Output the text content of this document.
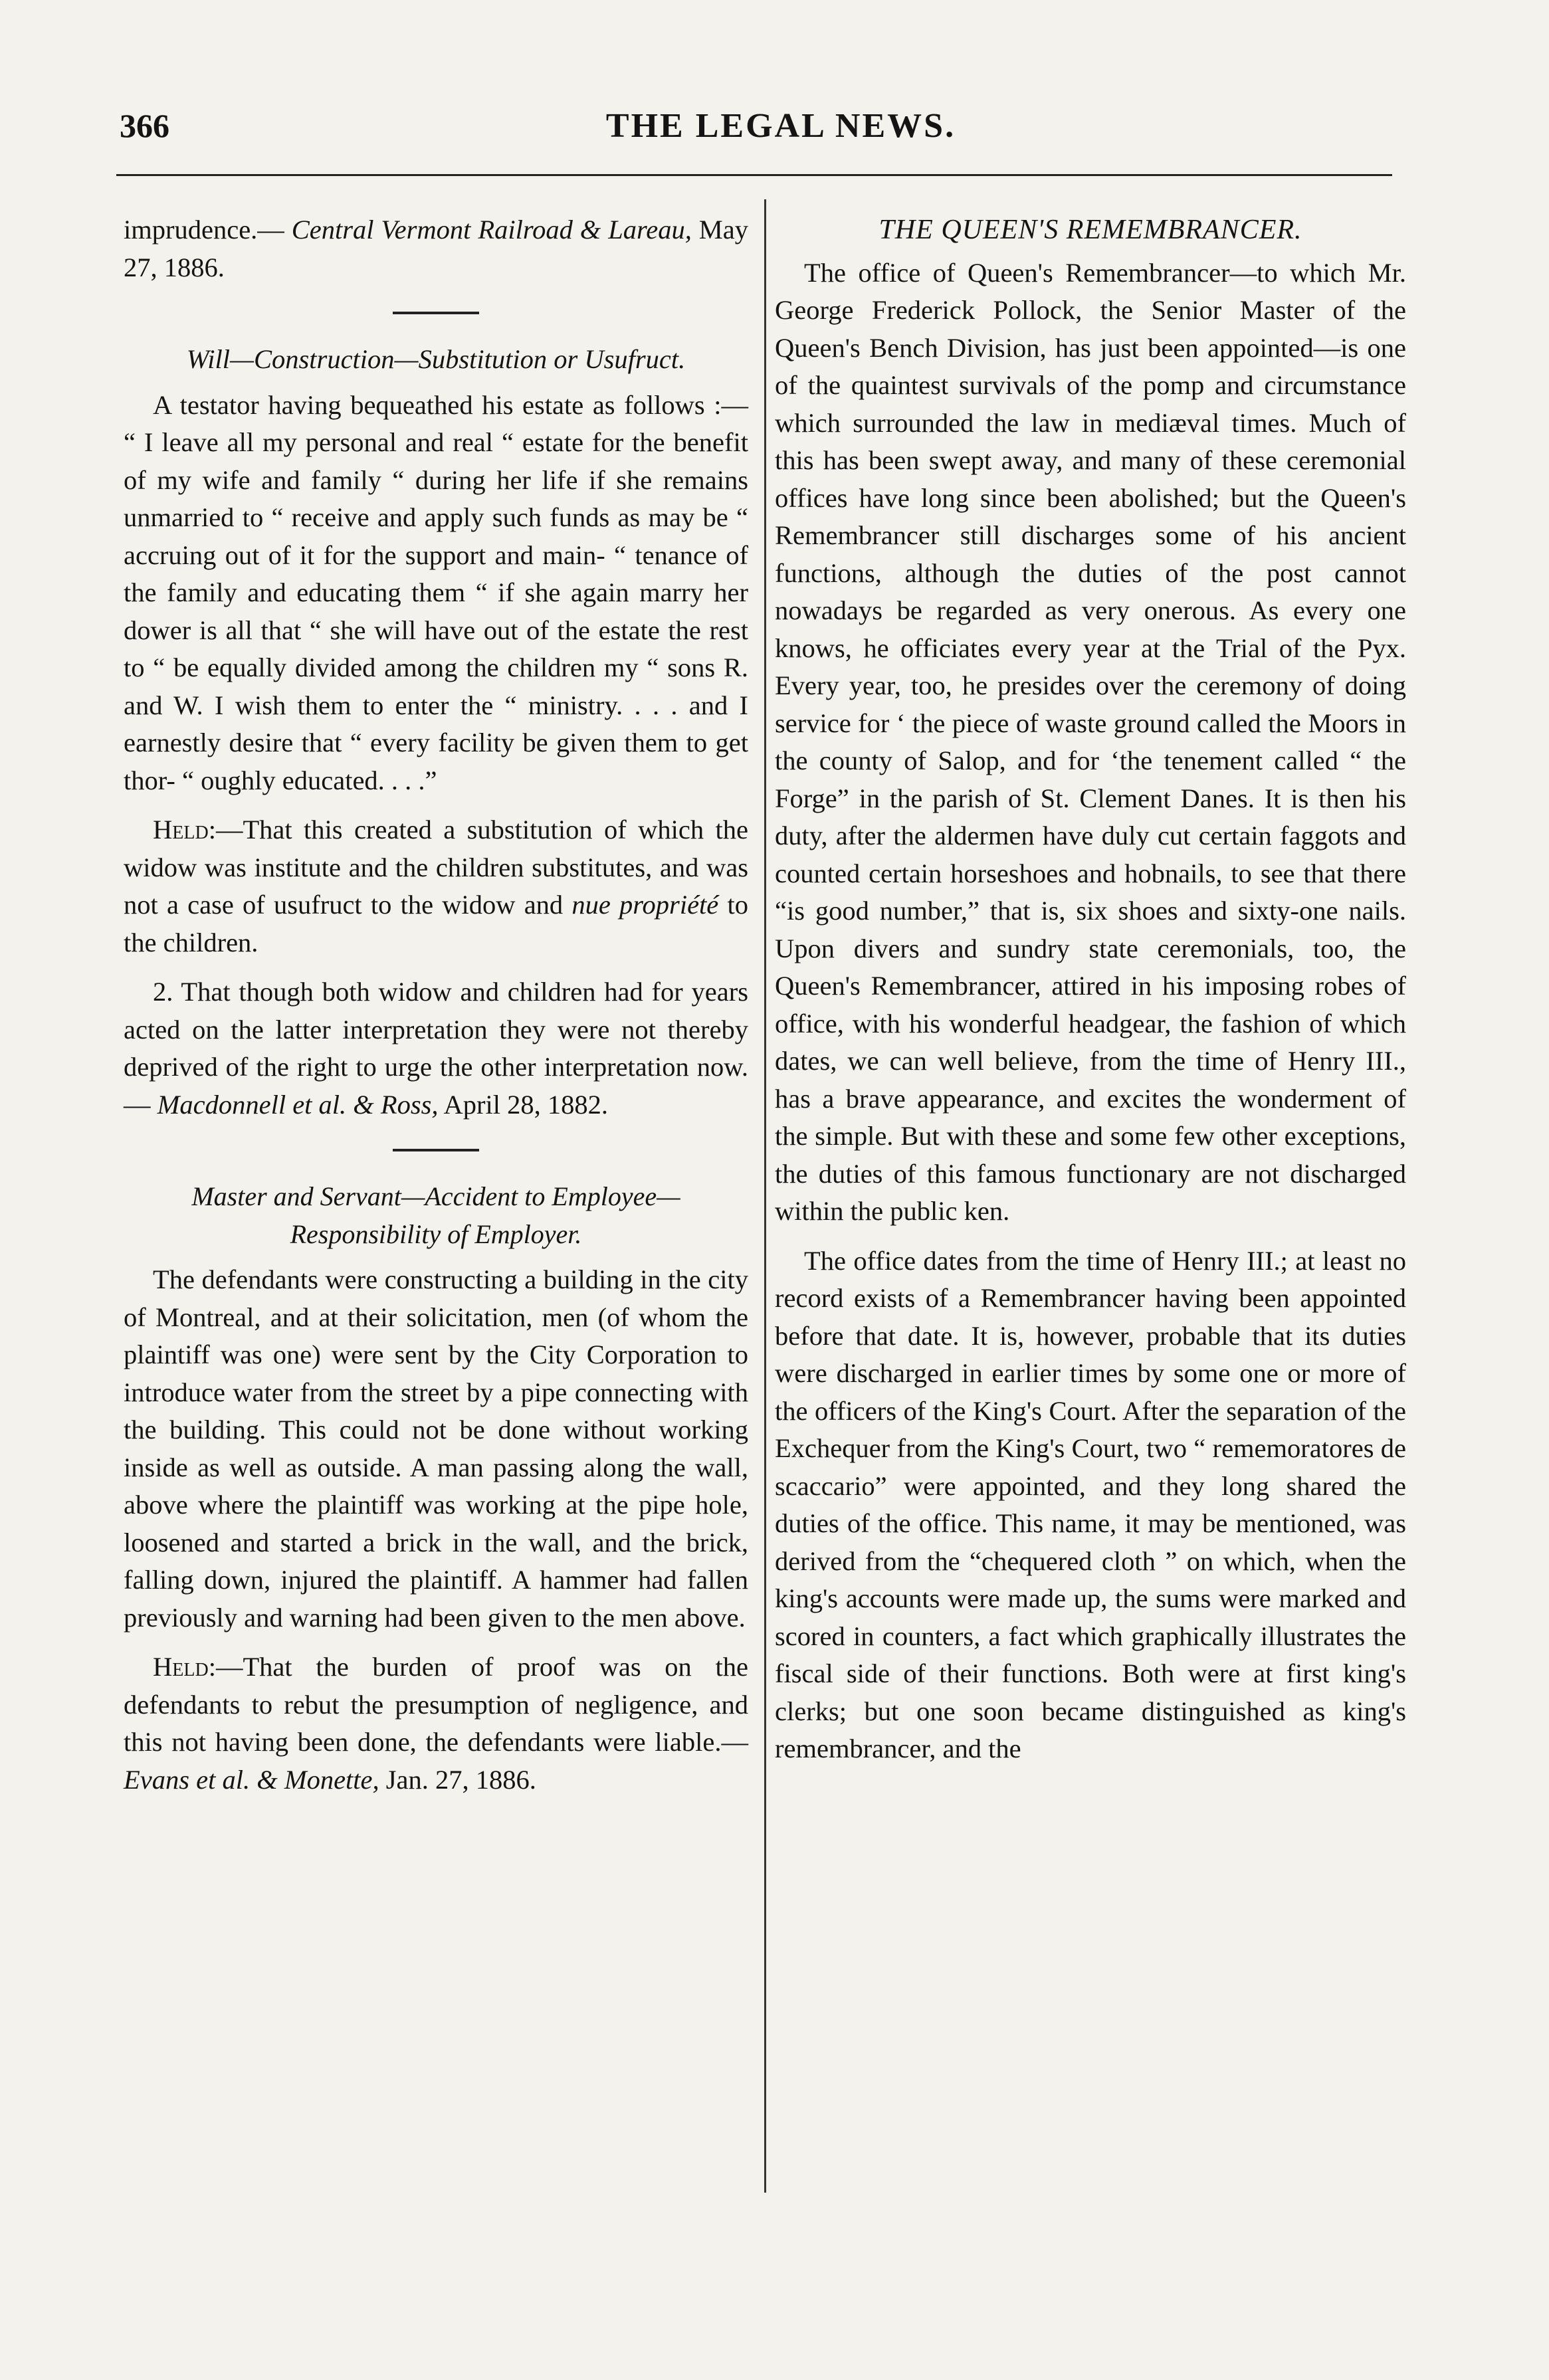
366	THE LEGAL NEWS.

imprudence.— Central Vermont Railroad & Lareau, May 27, 1886.

Will—Construction—Substitution or Usufruct.

A testator having bequeathed his estate as follows :— “ I leave all my personal and real “ estate for the benefit of my wife and family “ during her life if she remains unmarried to “ receive and apply such funds as may be “ accruing out of it for the support and main- “ tenance of the family and educating them “ if she again marry her dower is all that “ she will have out of the estate the rest to “ be equally divided among the children my “ sons R. and W. I wish them to enter the “ ministry. . . . and I earnestly desire that “ every facility be given them to get thor- “ oughly educated. . . .”

Held:—That this created a substitution of which the widow was institute and the children substitutes, and was not a case of usufruct to the widow and nue propriété to the children.

2. That though both widow and children had for years acted on the latter interpretation they were not thereby deprived of the right to urge the other interpretation now.— Macdonnell et al. & Ross, April 28, 1882.

Master and Servant—Accident to Employee—
Responsibility of Employer.

The defendants were constructing a building in the city of Montreal, and at their solicitation, men (of whom the plaintiff was one) were sent by the City Corporation to introduce water from the street by a pipe connecting with the building. This could not be done without working inside as well as outside. A man passing along the wall, above where the plaintiff was working at the pipe hole, loosened and started a brick in the wall, and the brick, falling down, injured the plaintiff. A hammer had fallen previously and warning had been given to the men above.

Held:—That the burden of proof was on the defendants to rebut the presumption of negligence, and this not having been done, the defendants were liable.—Evans et al. & Monette, Jan. 27, 1886.

THE QUEEN'S REMEMBRANCER.

The office of Queen's Remembrancer—to which Mr. George Frederick Pollock, the Senior Master of the Queen's Bench Division, has just been appointed—is one of the quaintest survivals of the pomp and circumstance which surrounded the law in mediæval times. Much of this has been swept away, and many of these ceremonial offices have long since been abolished; but the Queen's Remembrancer still discharges some of his ancient functions, although the duties of the post cannot nowadays be regarded as very onerous. As every one knows, he officiates every year at the Trial of the Pyx. Every year, too, he presides over the ceremony of doing service for ‘ the piece of waste ground called the Moors in the county of Salop, and for ‘the tenement called “ the Forge” in the parish of St. Clement Danes. It is then his duty, after the aldermen have duly cut certain faggots and counted certain horseshoes and hobnails, to see that there “is good number,” that is, six shoes and sixty-one nails. Upon divers and sundry state ceremonials, too, the Queen's Remembrancer, attired in his imposing robes of office, with his wonderful headgear, the fashion of which dates, we can well believe, from the time of Henry III., has a brave appearance, and excites the wonderment of the simple. But with these and some few other exceptions, the duties of this famous functionary are not discharged within the public ken.

The office dates from the time of Henry III.; at least no record exists of a Remembrancer having been appointed before that date. It is, however, probable that its duties were discharged in earlier times by some one or more of the officers of the King's Court. After the separation of the Exchequer from the King's Court, two “ rememoratores de scaccario” were appointed, and they long shared the duties of the office. This name, it may be mentioned, was derived from the “chequered cloth ” on which, when the king's accounts were made up, the sums were marked and scored in counters, a fact which graphically illustrates the fiscal side of their functions. Both were at first king's clerks; but one soon became distinguished as king's remembrancer, and the
